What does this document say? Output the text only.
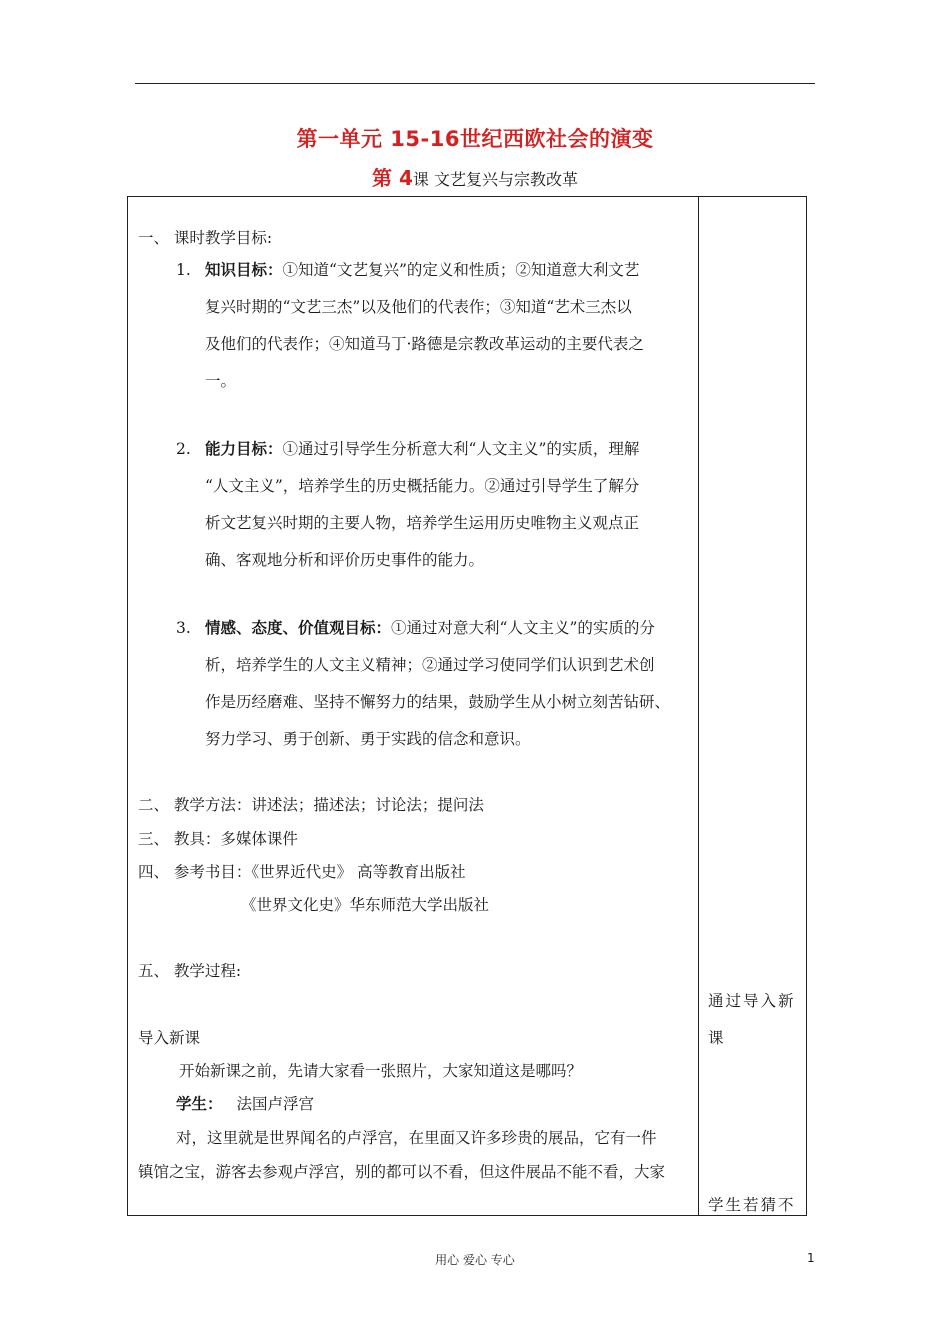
第一单元 15-16世纪西欧社会的演变
第 4课 文艺复兴与宗教改革
一、 课时教学目标:
1. 知识目标：①知道“文艺复兴”的定义和性质；②知道意大利文艺
复兴时期的“文艺三杰”以及他们的代表作；③知道“艺术三杰以
及他们的代表作；④知道马丁·路德是宗教改革运动的主要代表之
一。
2. 能力目标：①通过引导学生分析意大利“人文主义”的实质，理解
“人文主义”，培养学生的历史概括能力。②通过引导学生了解分
析文艺复兴时期的主要人物，培养学生运用历史唯物主义观点正
确、客观地分析和评价历史事件的能力。
3. 情感、态度、价值观目标：①通过对意大利“人文主义”的实质的分
析，培养学生的人文主义精神；②通过学习使同学们认识到艺术创
作是历经磨难、坚持不懈努力的结果，鼓励学生从小树立刻苦钻研、
努力学习、勇于创新、勇于实践的信念和意识。
二、 教学方法：讲述法；描述法；讨论法；提问法
三、 教具：多媒体课件
四、 参考书目：《世界近代史》 高等教育出版社
《世界文化史》华东师范大学出版社
五、 教学过程:
导入新课
开始新课之前，先请大家看一张照片，大家知道这是哪吗？
学生： 法国卢浮宫
对，这里就是世界闻名的卢浮宫，在里面又许多珍贵的展品，它有一件
镇馆之宝，游客去参观卢浮宫，别的都可以不看，但这件展品不能不看，大家
通过导入新
课
学生若猜不
用心 爱心 专心	1
